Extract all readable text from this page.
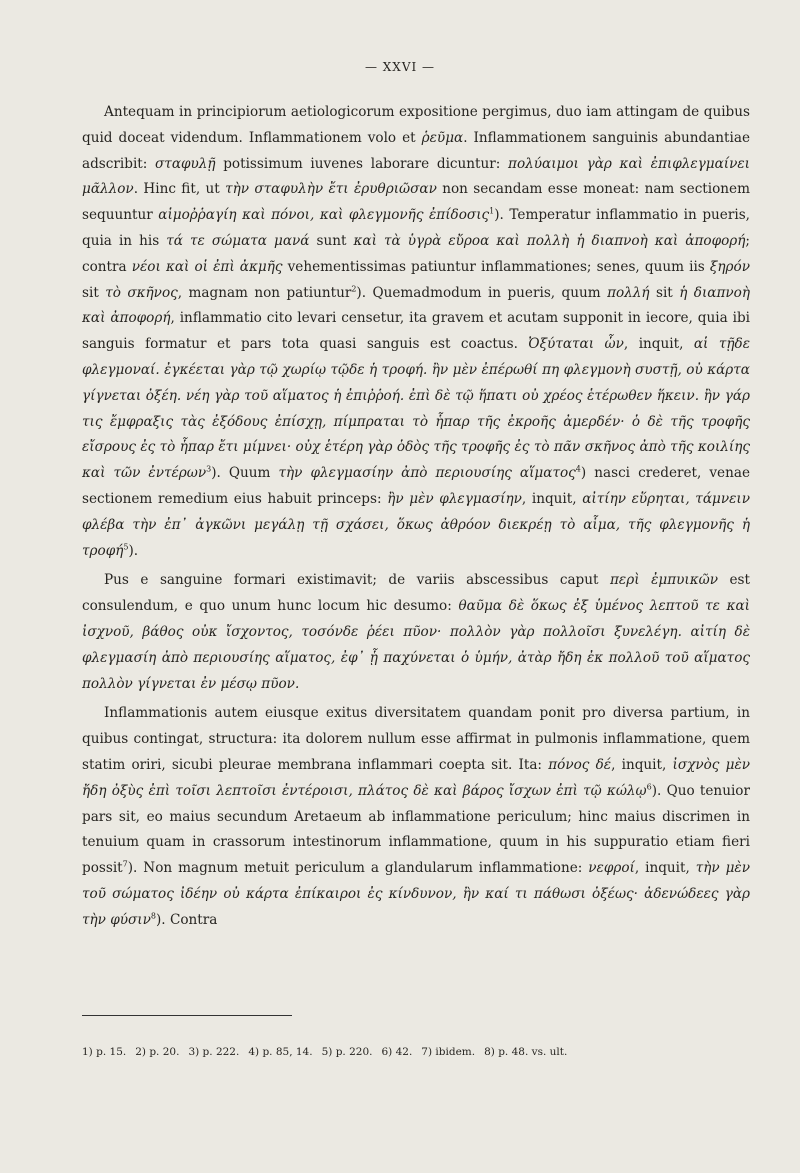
— XXVI —

Antequam in principiorum aetiologicorum expositione pergimus, duo iam attingam de quibus quid doceat videndum. Inflammationem volo et ῥεῦμα. Inflammationem sanguinis abundantiae adscribit: σταφυλῇ potissimum iuvenes laborare dicuntur: πολύαιμοι γὰρ καὶ ἐπιφλεγμαίνει μᾶλλον. Hinc fit, ut τὴν σταφυλὴν ἔτι ἐρυθριῶσαν non secandam esse moneat: nam sectionem sequuntur αἱμοῤῥαγίη καὶ πόνοι, καὶ φλεγμονῆς ἐπίδοσις$^1$). Temperatur inflammatio in pueris, quia in his τά τε σώματα μανά sunt καὶ τὰ ὑγρὰ εὔροα καὶ πολλὴ ἡ διαπνοὴ καὶ ἀποφορή; contra νέοι καὶ οἱ ἐπὶ ἀκμῆς vehementissimas patiuntur inflammationes; senes, quum iis ξηρόν sit τὸ σκῆνος, magnam non patiuntur$^2$). Quemadmodum in pueris, quum πολλή sit ἡ διαπνοὴ καὶ ἀποφορή, inflammatio cito levari censetur, ita gravem et acutam supponit in iecore, quia ibi sanguis formatur et pars tota quasi sanguis est coactus. Ὀξύταται ὧν, inquit, αἱ τῇδε φλεγμοναί. ἐγκέεται γὰρ τῷ χωρίῳ τῷδε ἡ τροφή. ἢν μὲν ἐπέρωθί πη φλεγμονὴ συστῇ, οὐ κάρτα γίγνεται ὀξέη. νέη γὰρ τοῦ αἵματος ἡ ἐπιῤῥοή. ἐπὶ δὲ τῷ ἥπατι οὐ χρέος ἑτέρωθεν ἥκειν. ἢν γάρ τις ἔμφραξις τὰς ἐξόδους ἐπίσχῃ, πίμπραται τὸ ἧπαρ τῆς ἐκροῆς ἀμερδέν· ὁ δὲ τῆς τροφῆς εἴσρους ἐς τὸ ἧπαρ ἔτι μίμνει· οὐχ ἑτέρη γὰρ ὁδὸς τῆς τροφῆς ἐς τὸ πᾶν σκῆνος ἀπὸ τῆς κοιλίης καὶ τῶν ἐντέρων$^3$). Quum τὴν φλεγμασίην ἀπὸ περιουσίης αἵματος$^4$) nasci crederet, venae sectionem remedium eius habuit princeps: ἢν μὲν φλεγμασίην, inquit, αἰτίην εὕρηται, τάμνειν φλέβα τὴν ἐπ᾽ ἀγκῶνι μεγάλῃ τῇ σχάσει, ὅκως ἀθρόον διεκρέῃ τὸ αἷμα, τῆς φλεγμονῆς ἡ τροφή$^5$).

Pus e sanguine formari existimavit; de variis abscessibus caput περὶ ἐμπυικῶν est consulendum, e quo unum hunc locum hic desumo: θαῦμα δὲ ὅκως ἐξ ὑμένος λεπτοῦ τε καὶ ἰσχνοῦ, βάθος οὐκ ἴσχοντος, τοσόνδε ῥέει πῦον· πολλὸν γὰρ πολλοῖσι ξυνελέγη. αἰτίη δὲ φλεγμασίη ἀπὸ περιουσίης αἵματος, ἐφ᾽ ᾗ παχύνεται ὁ ὑμήν, ἀτὰρ ἤδη ἐκ πολλοῦ τοῦ αἵματος πολλὸν γίγνεται ἐν μέσῳ πῦον.

Inflammationis autem eiusque exitus diversitatem quandam ponit pro diversa partium, in quibus contingat, structura: ita dolorem nullum esse affirmat in pulmonis inflammatione, quem statim oriri, sicubi pleurae membrana inflammari coepta sit. Ita: πόνος δέ, inquit, ἰσχνὸς μὲν ἤδη ὀξὺς ἐπὶ τοῖσι λεπτοῖσι ἐντέροισι, πλάτος δὲ καὶ βάρος ἴσχων ἐπὶ τῷ κώλῳ$^6$). Quo tenuior pars sit, eo maius secundum Aretaeum ab inflammatione periculum; hinc maius discrimen in tenuium quam in crassorum intestinorum inflammatione, quum in his suppuratio etiam fieri possit$^7$). Non magnum metuit periculum a glandularum inflammatione: νεφροί, inquit, τὴν μὲν τοῦ σώματος ἰδέην οὐ κάρτα ἐπίκαιροι ἐς κίνδυνον, ἢν καί τι πάθωσι ὀξέως· ἀδενώδεες γὰρ τὴν φύσιν$^8$). Contra

1) p. 15. 2) p. 20. 3) p. 222. 4) p. 85, 14. 5) p. 220. 6) 42. 7) ibidem. 8) p. 48. vs. ult.
